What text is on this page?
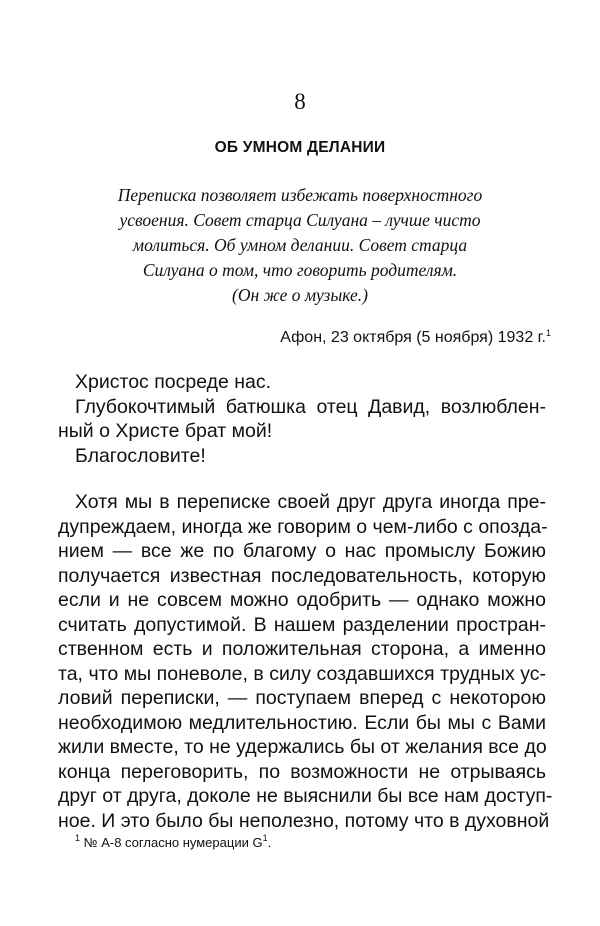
8
ОБ УМНОМ ДЕЛАНИИ
Переписка позволяет избежать поверхностного
усвоения. Совет старца Силуана – лучше чисто
молиться. Об умном делании. Совет старца
Силуана о том, что говорить родителям.
(Он же о музыке.)
Афон, 23 октября (5 ноября) 1932 г.$^1$
Христос посреде нас.
Глубокочтимый батюшка отец Давид, возлюблен-
ный о Христе брат мой!
Благословите!
Хотя мы в переписке своей друг друга иногда пре-
дупреждаем, иногда же говорим о чем-либо с опозда-
нием — все же по благому о нас промыслу Божию
получается известная последовательность, которую
если и не совсем можно одобрить — однако можно
считать допустимой. В нашем разделении простран-
ственном есть и положительная сторона, а именно
та, что мы поневоле, в силу создавшихся трудных ус-
ловий переписки, — поступаем вперед с некоторою
необходимою медлительностию. Если бы мы с Вами
жили вместе, то не удержались бы от желания все до
конца переговорить, по возможности не отрываясь
друг от друга, доколе не выяснили бы все нам доступ-
ное. И это было бы неполезно, потому что в духовной
$^1$ № А-8 согласно нумерации $G^1$.
